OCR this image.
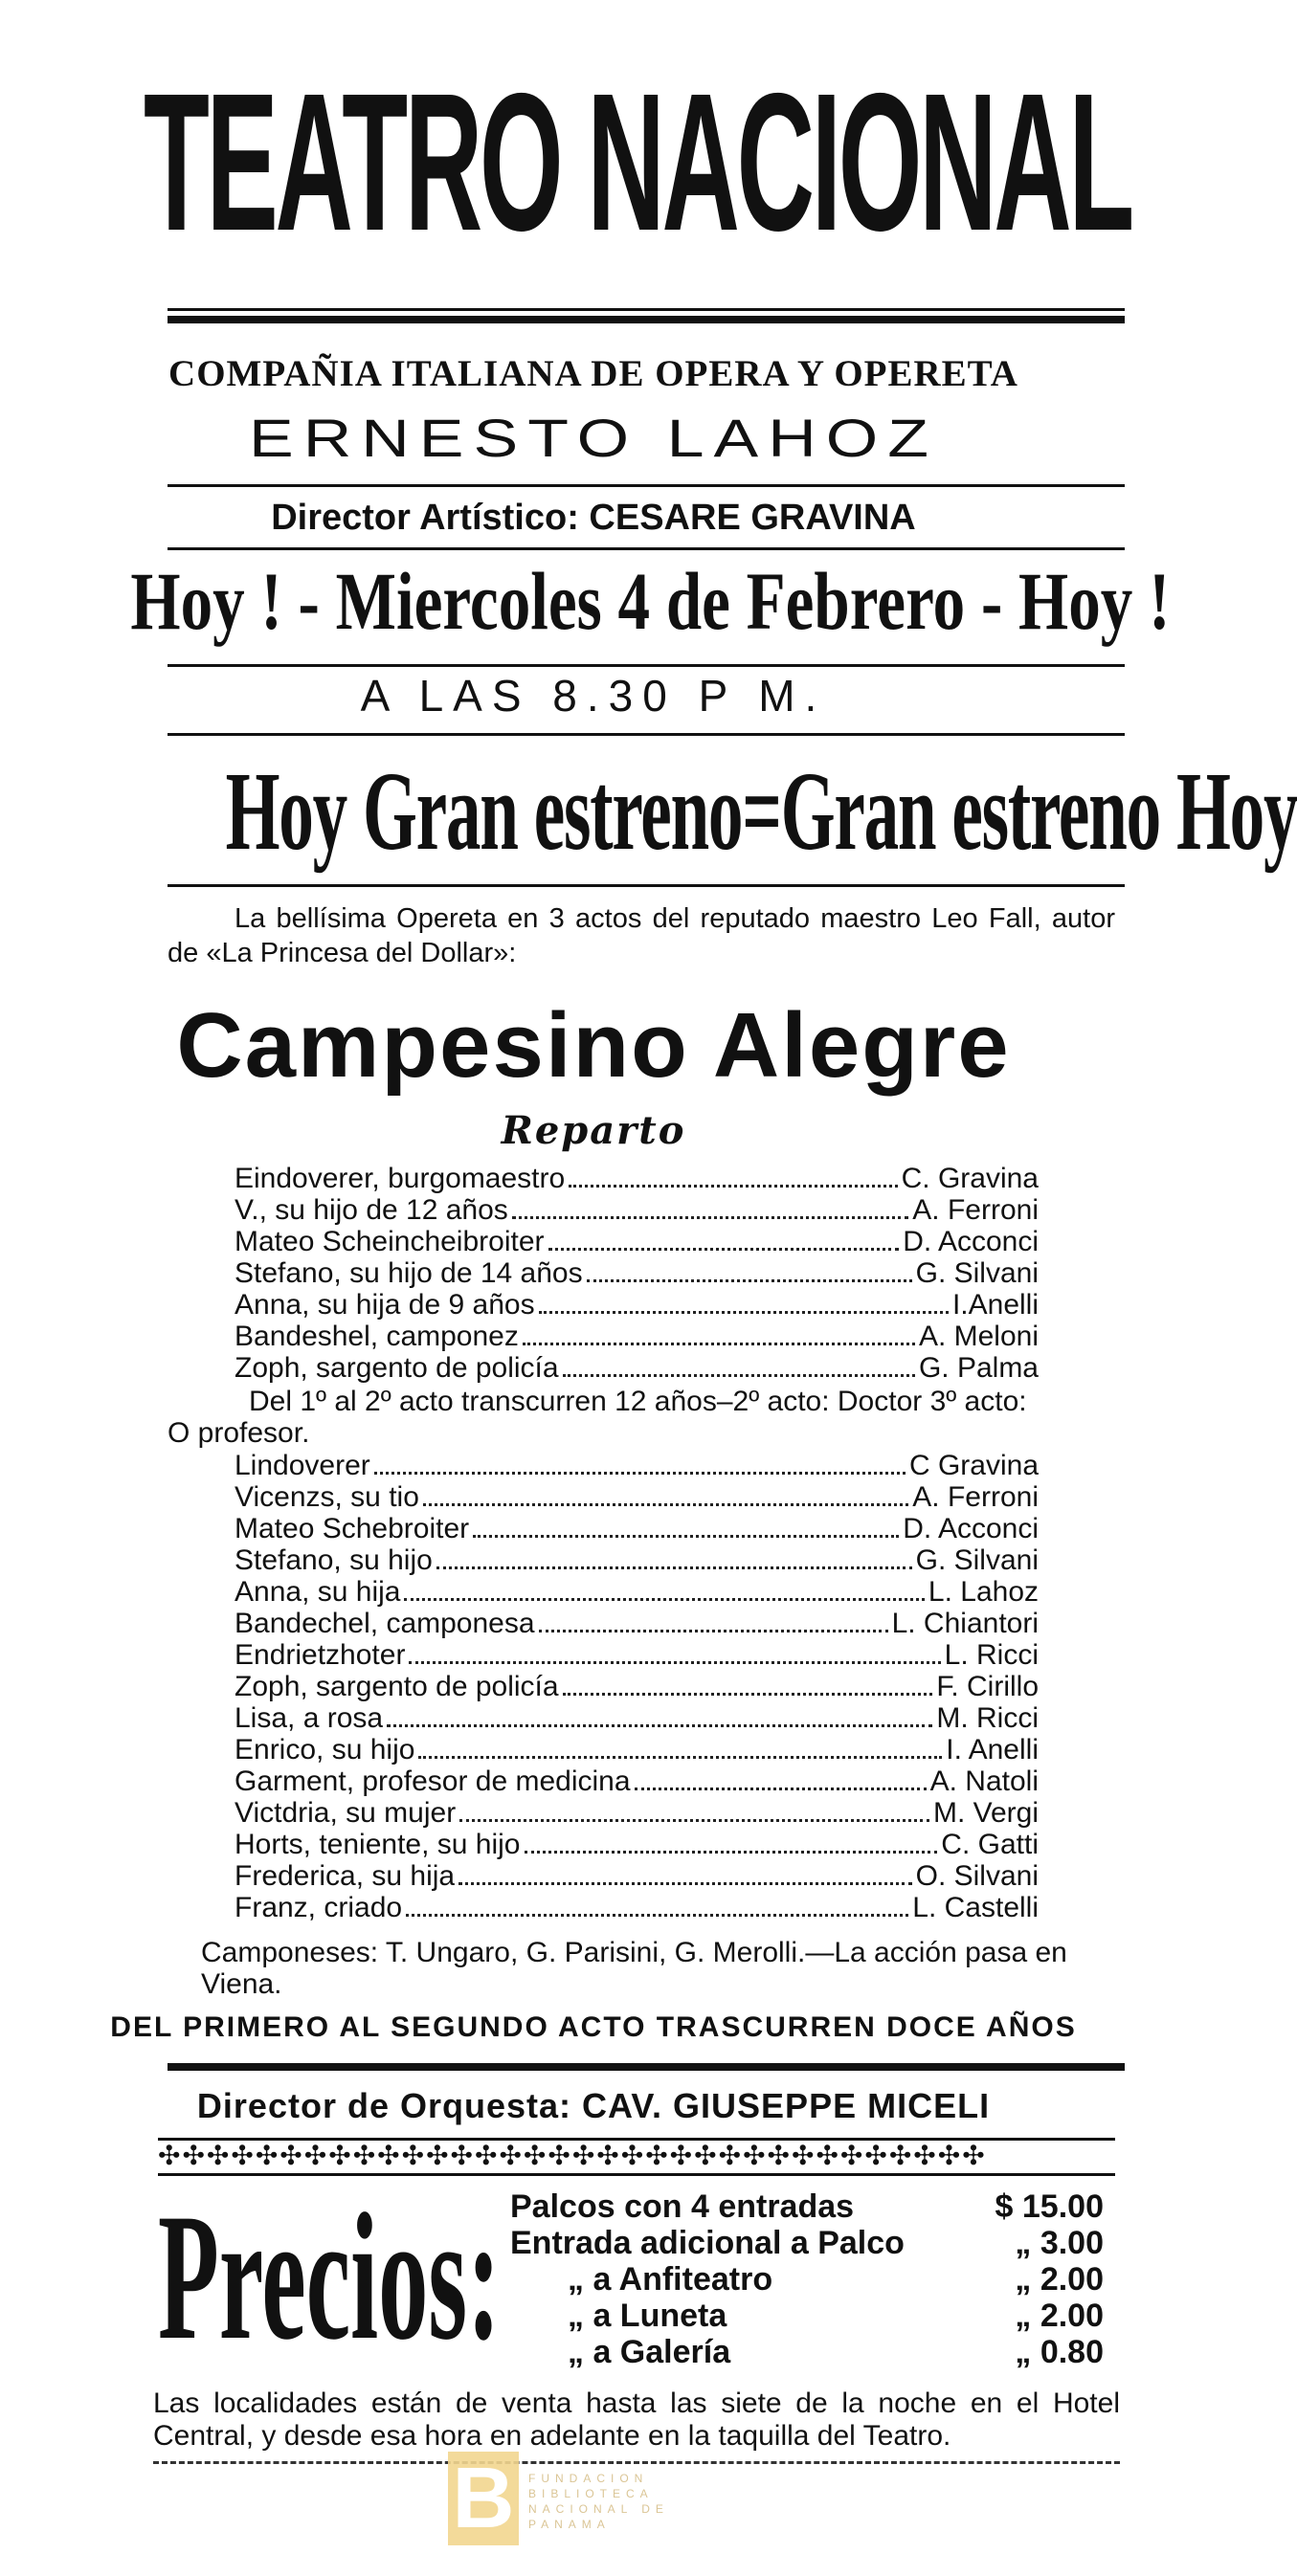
TEATRO NACIONAL
COMPAÑIA ITALIANA DE OPERA Y OPERETA
ERNESTO LAHOZ
Director Artístico: CESARE GRAVINA
Hoy ! - Miercoles 4 de Febrero - Hoy !
A LAS 8.30 P M.
Hoy Gran estreno=Gran estreno Hoy
La bellísima Opereta en 3 actos del reputado maestro Leo Fall, autor de «La Princesa del Dollar»:
Campesino Alegre
Reparto
Eindoverer, burgomaestro	C. Gravina
V., su hijo de 12 años	A. Ferroni
Mateo Scheincheibroiter	D. Acconci
Stefano, su hijo de 14 años	G. Silvani
Anna, su hija de 9 años	I.Anelli
Bandeshel, camponez	A. Meloni
Zoph, sargento de policía	G. Palma
Del 1º al 2º acto transcurren 12 años–2º acto: Doctor 3º acto: O profesor.
Lindoverer	C Gravina
Vicenzs, su tio	A. Ferroni
Mateo Schebroiter	D. Acconci
Stefano, su hijo	G. Silvani
Anna, su hija	L. Lahoz
Bandechel, camponesa	L. Chiantori
Endrietzhoter	L. Ricci
Zoph, sargento de policía	F. Cirillo
Lisa, a rosa	M. Ricci
Enrico, su hijo	I. Anelli
Garment, profesor de medicina	A. Natoli
Victdria, su mujer	M. Vergi
Horts, teniente, su hijo	C. Gatti
Frederica, su hija	O. Silvani
Franz, criado	L. Castelli
Camponeses: T. Ungaro, G. Parisini, G. Merolli.—La acción pasa en Viena.
DEL PRIMERO AL SEGUNDO ACTO TRASCURREN DOCE AÑOS
Director de Orquesta: CAV. GIUSEPPE MICELI
✣✣✣✣✣✣✣✣✣✣✣✣✣✣✣✣✣✣✣✣✣✣✣✣✣✣✣✣✣✣✣✣✣✣
Precios: Palcos con 4 entradas	$ 15.00
Entrada adicional a Palco	„ 3.00
„ a Anfiteatro	„ 2.00
„ a Luneta	„ 2.00
„ a Galería	„ 0.80
Las localidades están de venta hasta las siete de la noche en el Hotel Central, y desde esa hora en adelante en la taquilla del Teatro.
B	FUNDACION BIBLIOTECA NACIONAL DE PANAMA
